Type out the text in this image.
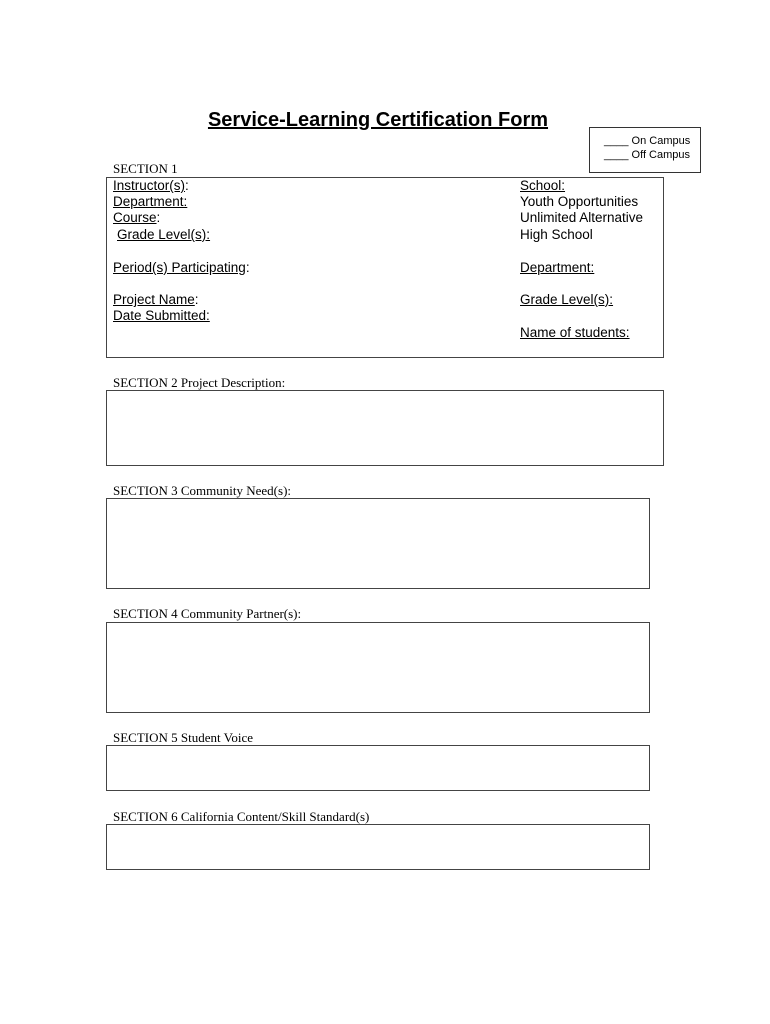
Service-Learning Certification Form
SECTION 1
Instructor(s):
Department:
Course:
Grade Level(s):
Period(s) Participating:
Project Name:
Date Submitted:
School:
Youth Opportunities
Unlimited Alternative
High School
Department:
Grade Level(s):
Name of students:
____ On Campus
____ Off Campus
SECTION 2 Project Description:
SECTION 3 Community Need(s):
SECTION 4 Community Partner(s):
SECTION 5 Student Voice
SECTION 6 California Content/Skill Standard(s)
